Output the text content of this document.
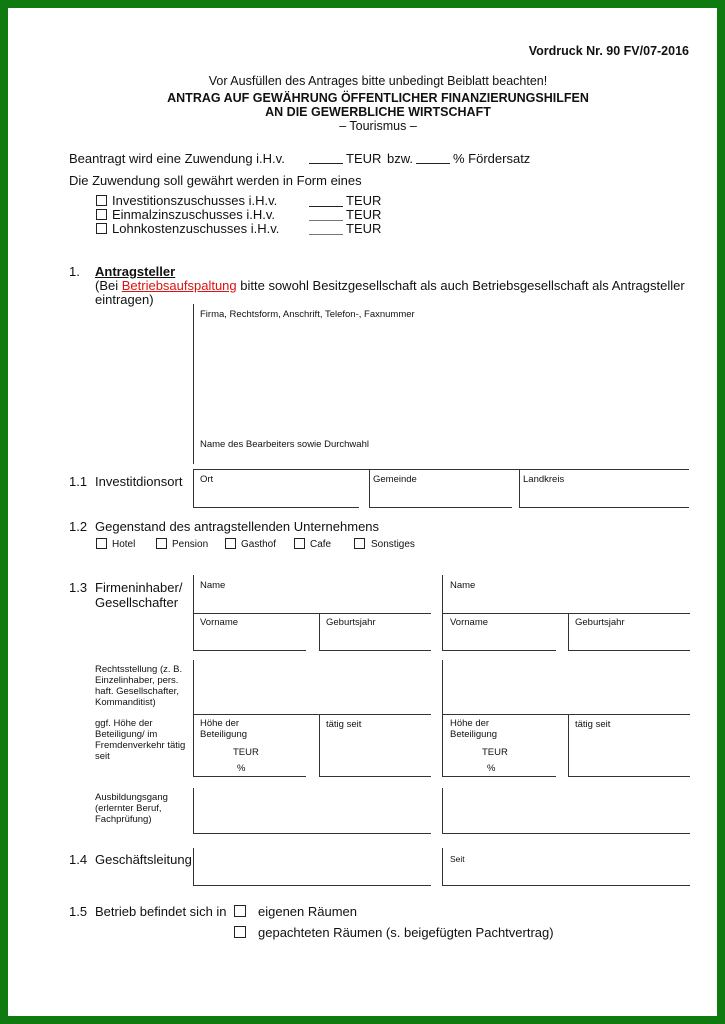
Vordruck Nr. 90 FV/07-2016
Vor Ausfüllen des Antrages bitte unbedingt Beiblatt beachten!
ANTRAG AUF GEWÄHRUNG ÖFFENTLICHER FINANZIERUNGSHILFEN
AN DIE GEWERBLICHE WIRTSCHAFT
– Tourismus –
Beantragt wird eine Zuwendung i.H.v.	TEUR bzw.	% Fördersatz
Die Zuwendung soll gewährt werden in Form eines
Investitionszuschusses i.H.v.	TEUR
Einmalzinszuschusses i.H.v.	TEUR
Lohnkostenzuschusses i.H.v.	TEUR
1. Antragsteller
(Bei Betriebsaufspaltung bitte sowohl Besitzgesellschaft als auch Betriebsgesellschaft als Antragsteller
eintragen)
Firma, Rechtsform, Anschrift, Telefon-, Faxnummer
Name des Bearbeiters sowie Durchwahl
1.1 Investitdionsort Ort	Gemeinde	Landkreis
1.2 Gegenstand des antragstellenden Unternehmens
Hotel	Pension	Gasthof	Cafe	Sonstiges
1.3 Firmeninhaber/
Gesellschafter
Name
Vorname	Geburtsjahr
Name
Vorname	Geburtsjahr
Rechtsstellung (z. B. Einzelinhaber, pers. haft. Gesellschafter, Kommanditist)
ggf. Höhe der Beteiligung/ im Fremdenverkehr tätig seit
Höhe der Beteiligung
tätig seit
TEUR
%
Höhe der Beteiligung
tätig seit
TEUR
%
Ausbildungsgang (erlernter Beruf, Fachprüfung)
1.4 Geschäftsleitung	Seit
1.5 Betrieb befindet sich in eigenen Räumen
gepachteten Räumen (s. beigefügten Pachtvertrag)
